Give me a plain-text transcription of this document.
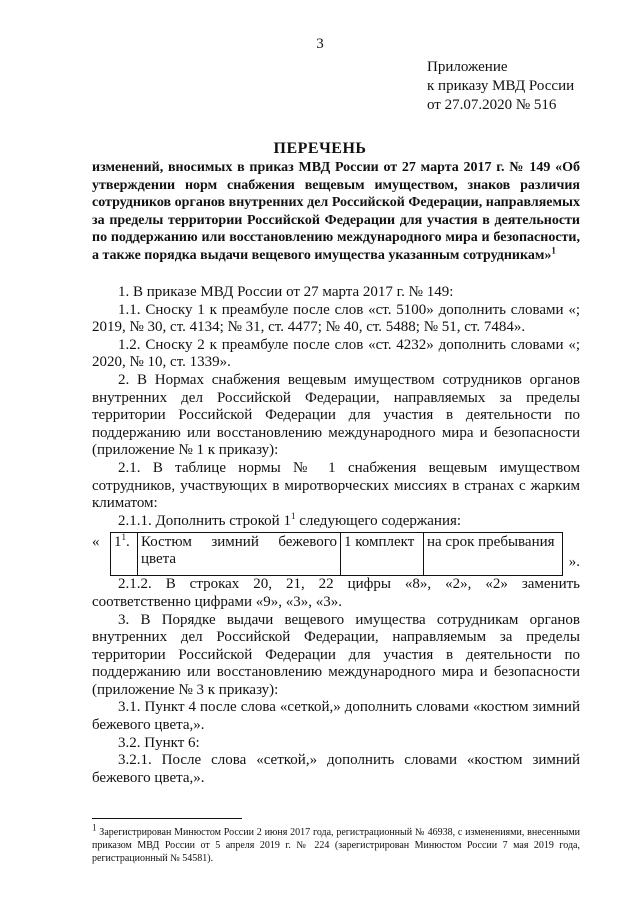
3
Приложение
к приказу МВД России
от 27.07.2020 № 516
ПЕРЕЧЕНЬ
изменений, вносимых в приказ МВД России от 27 марта 2017 г. № 149 «Об утверждении норм снабжения вещевым имуществом, знаков различия сотрудников органов внутренних дел Российской Федерации, направляемых за пределы территории Российской Федерации для участия в деятельности по поддержанию или восстановлению международного мира и безопасности, а также порядка выдачи вещевого имущества указанным сотрудникам»$^1$

1. В приказе МВД России от 27 марта 2017 г. № 149:

1.1. Сноску 1 к преамбуле после слов «ст. 5100» дополнить словами «; 2019, № 30, ст. 4134; № 31, ст. 4477; № 40, ст. 5488; № 51, ст. 7484».

1.2. Сноску 2 к преамбуле после слов «ст. 4232» дополнить словами «; 2020, № 10, ст. 1339».

2. В Нормах снабжения вещевым имуществом сотрудников органов внутренних дел Российской Федерации, направляемых за пределы территории Российской Федерации для участия в деятельности по поддержанию или восстановлению международного мира и безопасности (приложение № 1 к приказу):

2.1. В таблице нормы № 1 снабжения вещевым имуществом сотрудников, участвующих в миротворческих миссиях в странах с жарким климатом:

2.1.1. Дополнить строкой $1^1$ следующего содержания:

« $1^1$.	Костюм зимний бежевого цвета	1 комплект	на срок пребывания
».

2.1.2. В строках 20, 21, 22 цифры «8», «2», «2» заменить соответственно цифрами «9», «3», «3».

3. В Порядке выдачи вещевого имущества сотрудникам органов внутренних дел Российской Федерации, направляемым за пределы территории Российской Федерации для участия в деятельности по поддержанию или восстановлению международного мира и безопасности (приложение № 3 к приказу):

3.1. Пункт 4 после слова «сеткой,» дополнить словами «костюм зимний бежевого цвета,».

3.2. Пункт 6:

3.2.1. После слова «сеткой,» дополнить словами «костюм зимний бежевого цвета,».

$^1$ Зарегистрирован Минюстом России 2 июня 2017 года, регистрационный № 46938, с изменениями, внесенными приказом МВД России от 5 апреля 2019 г. № 224 (зарегистрирован Минюстом России 7 мая 2019 года, регистрационный № 54581).
